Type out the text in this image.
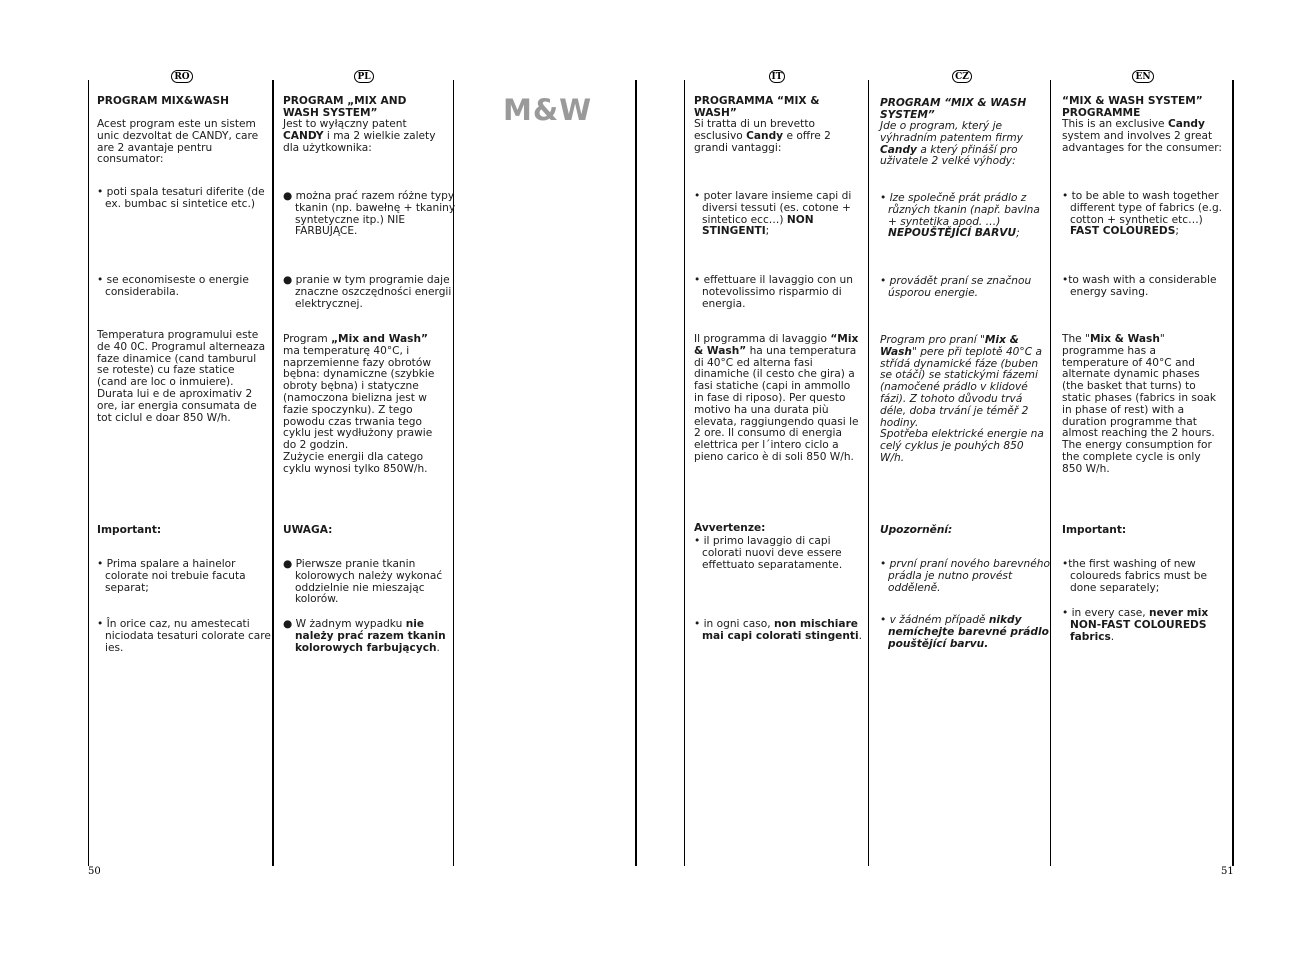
M&W
50	51
RO
PROGRAM MIX&WASH
Acest program este un sistem unic dezvoltat de CANDY, care are 2 avantaje pentru consumator:
• poti spala tesaturi diferite (de ex. bumbac si sintetice etc.)
• se economiseste o energie considerabila.
Temperatura programului este de 40 0C. Programul alterneaza faze dinamice (cand tamburul se roteste) cu faze statice (cand are loc o inmuiere). Durata lui e de aproximativ 2 ore, iar energia consumata de tot ciclul e doar 850 W/h.
Important:
• Prima spalare a hainelor colorate noi trebuie facuta separat;
• În orice caz, nu amestecati niciodata tesaturi colorate care ies.
PL
PROGRAM „MIX AND WASH SYSTEM”
Jest to wyłączny patent CANDY i ma 2 wielkie zalety dla użytkownika:
● można prać razem różne typy tkanin (np. bawełnę + tkaniny syntetyczne itp.) NIE FARBUJĄCE.
● pranie w tym programie daje znaczne oszczędności energii elektrycznej.
Program „Mix and Wash” ma temperaturę 40°C, i naprzemienne fazy obrotów bębna: dynamiczne (szybkie obroty bębna) i statyczne (namoczona bielizna jest w fazie spoczynku). Z tego powodu czas trwania tego cyklu jest wydłużony prawie do 2 godzin.
Zużycie energii dla catego cyklu wynosi tylko 850W/h.
UWAGA:
● Pierwsze pranie tkanin kolorowych należy wykonać oddzielnie nie mieszając kolorów.
● W żadnym wypadku nie należy prać razem tkanin kolorowych farbujących.
IT
PROGRAMMA “MIX & WASH”
Si tratta di un brevetto esclusivo Candy e offre 2 grandi vantaggi:
• poter lavare insieme capi di diversi tessuti (es. cotone + sintetico ecc…) NON STINGENTI;
• effettuare il lavaggio con un notevolissimo risparmio di energia.
Il programma di lavaggio “Mix & Wash” ha una temperatura di 40°C ed alterna fasi dinamiche (il cesto che gira) a fasi statiche (capi in ammollo in fase di riposo). Per questo motivo ha una durata più elevata, raggiungendo quasi le 2 ore. Il consumo di energia elettrica per l´intero ciclo a pieno carico è di soli 850 W/h.
Avvertenze:
• il primo lavaggio di capi colorati nuovi deve essere effettuato separatamente.
• in ogni caso, non mischiare mai capi colorati stingenti.
CZ
PROGRAM “MIX & WASH SYSTEM”
Jde o program, který je výhradním patentem firmy Candy a který přináší pro uživatele 2 velké výhody:
• lze společně prát prádlo z různých tkanin (např. bavlna + syntetika apod. …) NEPOUŠTĚJÍCÍ BARVU;
• provádět praní se značnou úsporou energie.
Program pro praní "Mix & Wash" pere při teplotě 40°C a střídá dynamické fáze (buben se otáčí) se statickými fázemi (namočené prádlo v klidové fázi). Z tohoto důvodu trvá déle, doba trvání je téměř 2 hodiny.
Spotřeba elektrické energie na celý cyklus je pouhých 850 W/h.
Upozornění:
• první praní nového barevného prádla je nutno provést odděleně.
• v žádném případě nikdy nemíchejte barevné prádlo pouštějící barvu.
EN
“MIX & WASH SYSTEM” PROGRAMME
This is an exclusive Candy system and involves 2 great advantages for the consumer:
• to be able to wash together different type of fabrics (e.g. cotton + synthetic etc…) FAST COLOUREDS;
•to wash with a considerable energy saving.
The "Mix & Wash" programme has a temperature of 40°C and alternate dynamic phases (the basket that turns) to static phases (fabrics in soak in phase of rest) with a duration programme that almost reaching the 2 hours. The energy consumption for the complete cycle is only 850 W/h.
Important:
•the first washing of new coloureds fabrics must be done separately;
• in every case, never mix NON-FAST COLOUREDS fabrics.
